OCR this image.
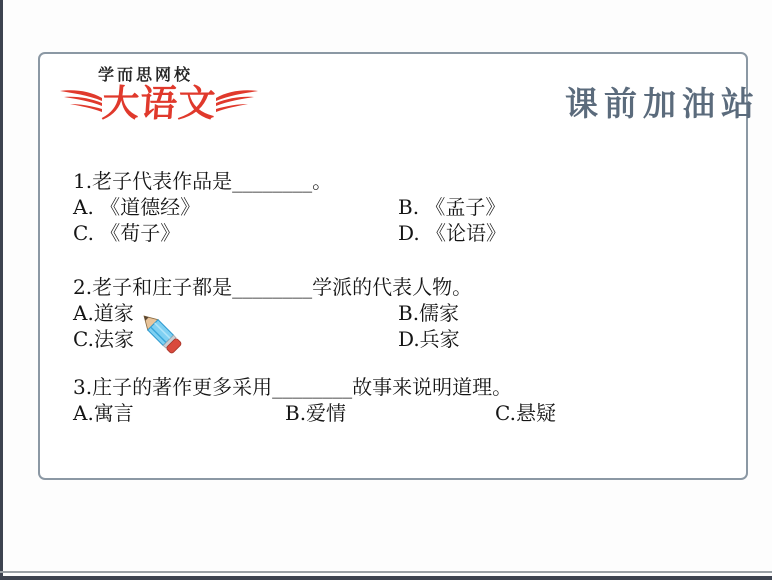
学而思网校
大语文	课前加油站
1.老子代表作品是________。
A. 《道德经》	B. 《孟子》
C. 《荀子》	D. 《论语》
2.老子和庄子都是________学派的代表人物。
A.道家	B.儒家
C.法家	D.兵家
3.庄子的著作更多采用________故事来说明道理。
A.寓言	B.爱情	C.悬疑
